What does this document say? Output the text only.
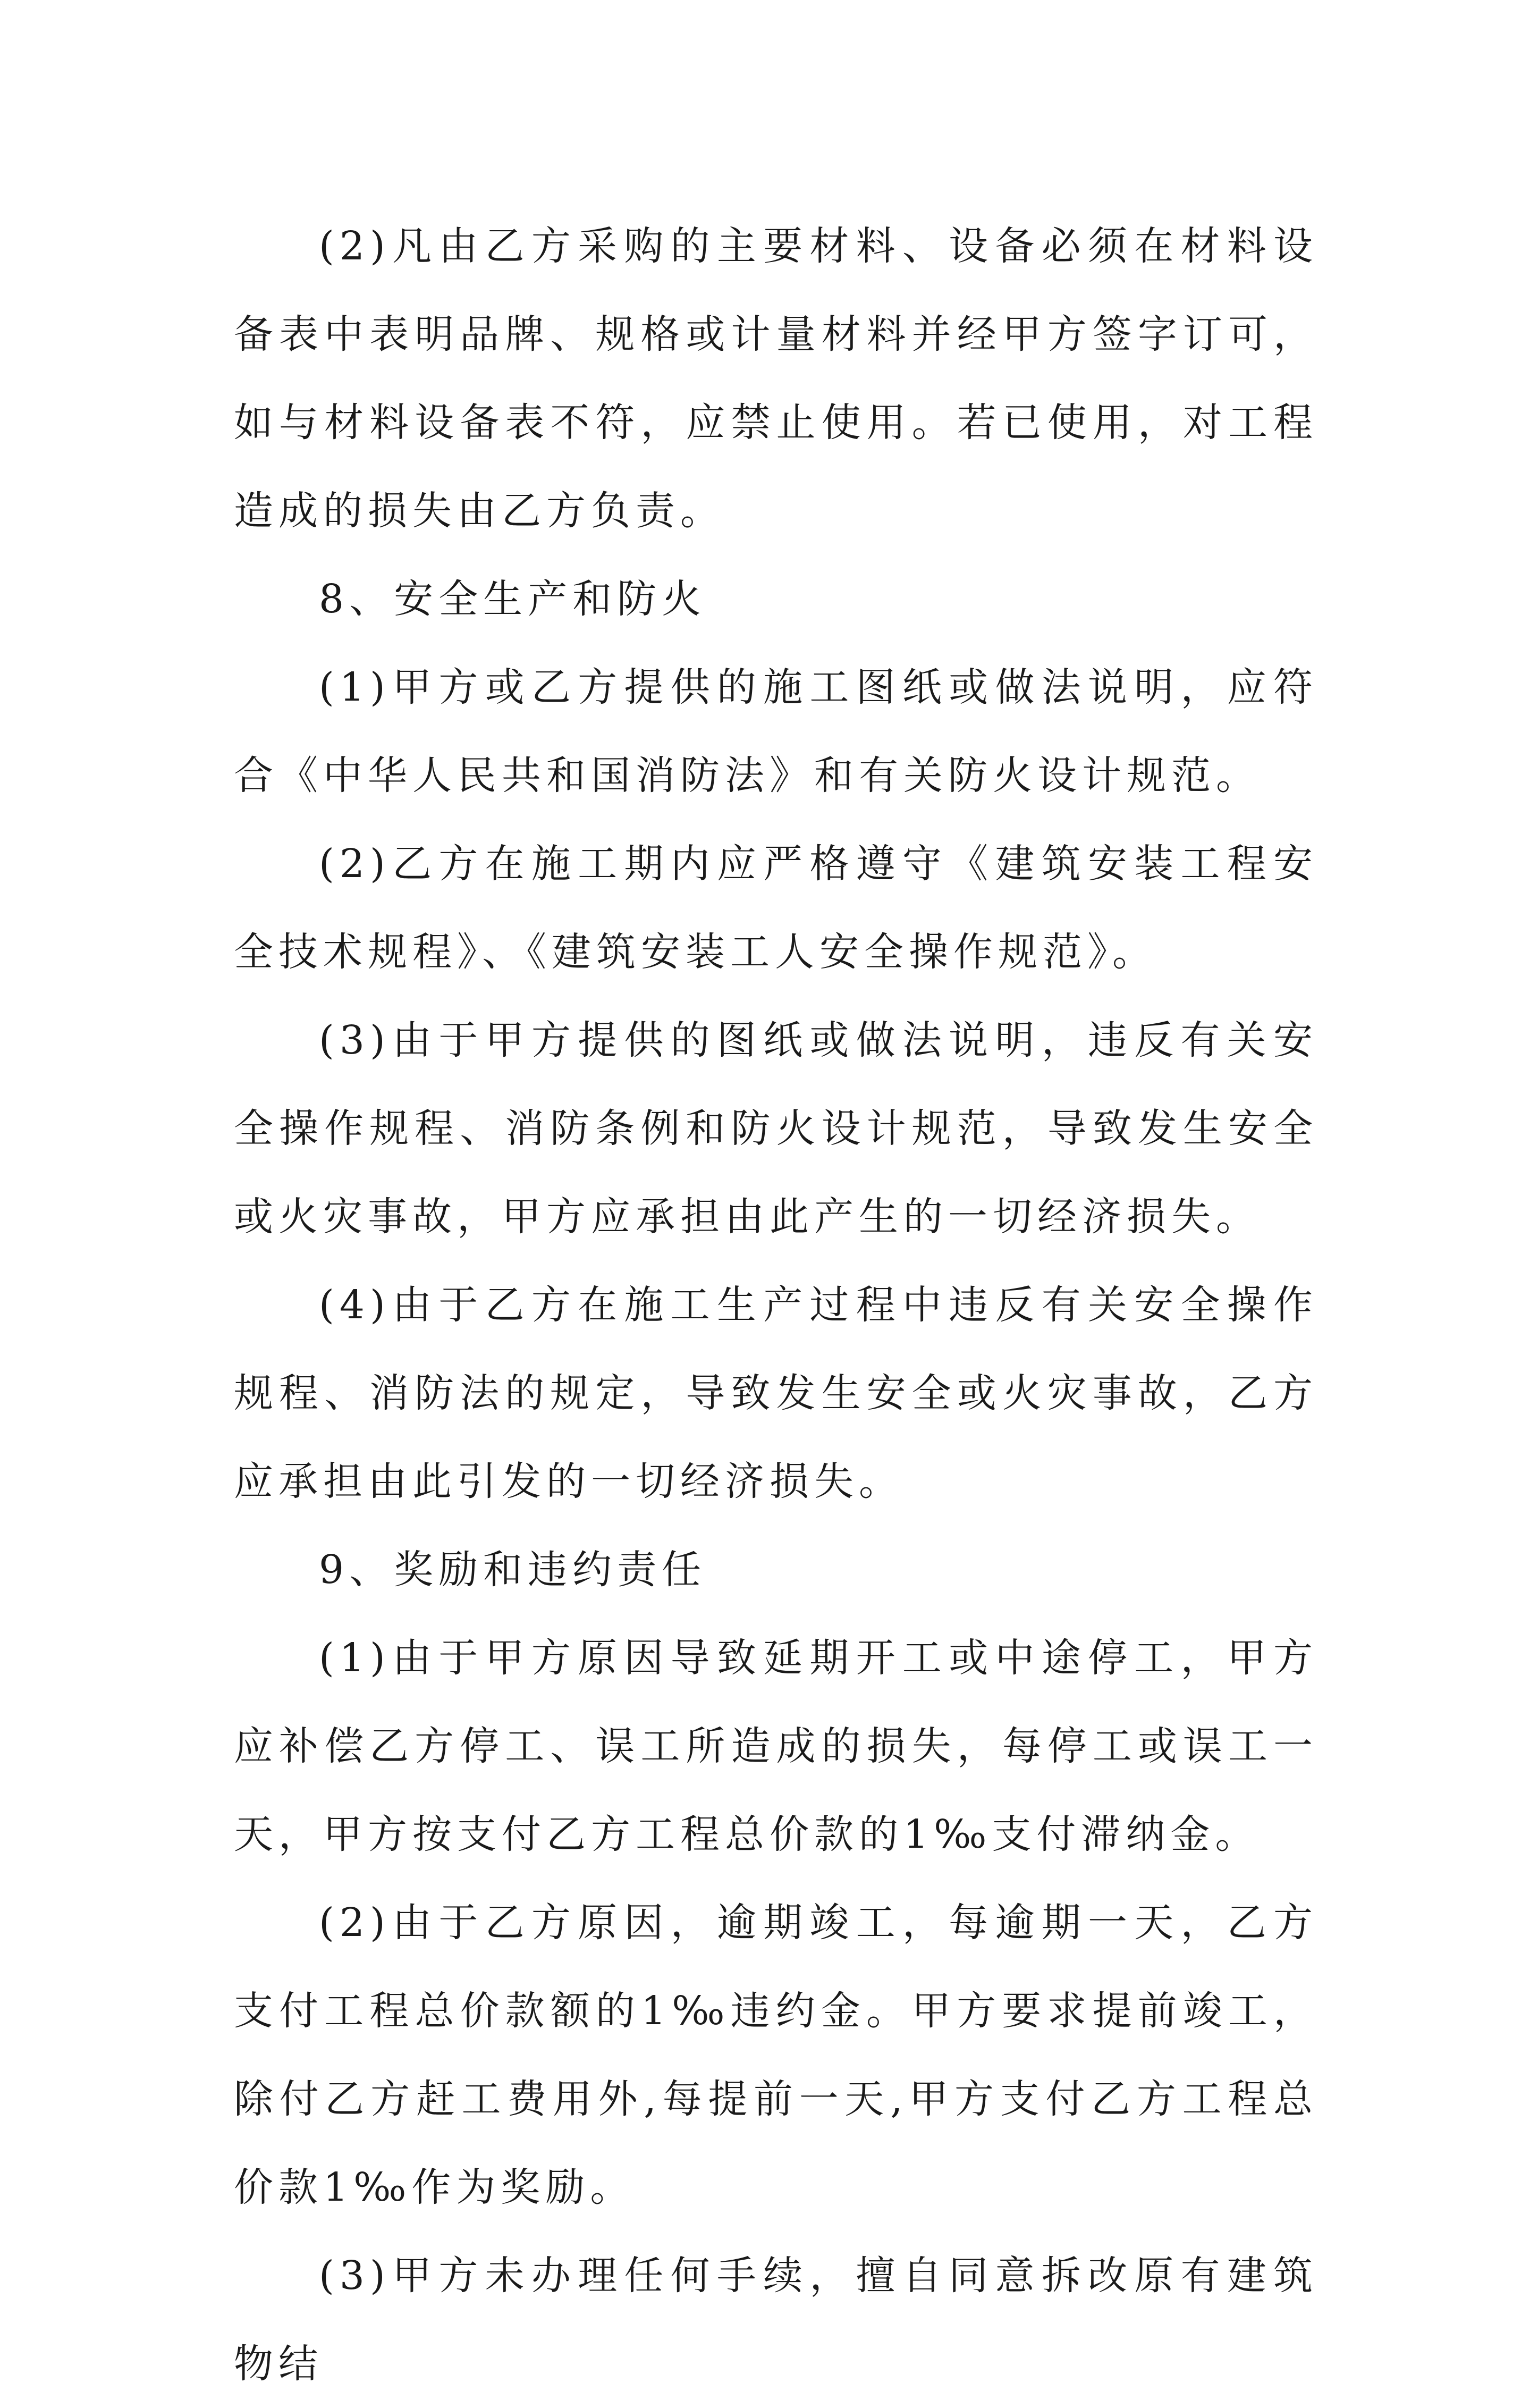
(2)凡由乙方采购的主要材料、设备必须在材料设备表中表明品牌、规格或计量材料并经甲方签字订可，如与材料设备表不符，应禁止使用。若已使用，对工程造成的损失由乙方负责。

8、安全生产和防火

(1)甲方或乙方提供的施工图纸或做法说明，应符合《中华人民共和国消防法》和有关防火设计规范。

(2)乙方在施工期内应严格遵守《建筑安装工程安全技术规程》、《建筑安装工人安全操作规范》。

(3)由于甲方提供的图纸或做法说明，违反有关安全操作规程、消防条例和防火设计规范，导致发生安全或火灾事故，甲方应承担由此产生的一切经济损失。

(4)由于乙方在施工生产过程中违反有关安全操作规程、消防法的规定，导致发生安全或火灾事故，乙方应承担由此引发的一切经济损失。

9、奖励和违约责任

(1)由于甲方原因导致延期开工或中途停工，甲方应补偿乙方停工、误工所造成的损失，每停工或误工一天，甲方按支付乙方工程总价款的1‰支付滞纳金。

(2)由于乙方原因，逾期竣工，每逾期一天，乙方支付工程总价款额的1‰违约金。甲方要求提前竣工，除付乙方赶工费用外,每提前一天,甲方支付乙方工程总价款1‰作为奖励。

(3)甲方未办理任何手续，擅自同意拆改原有建筑物结
